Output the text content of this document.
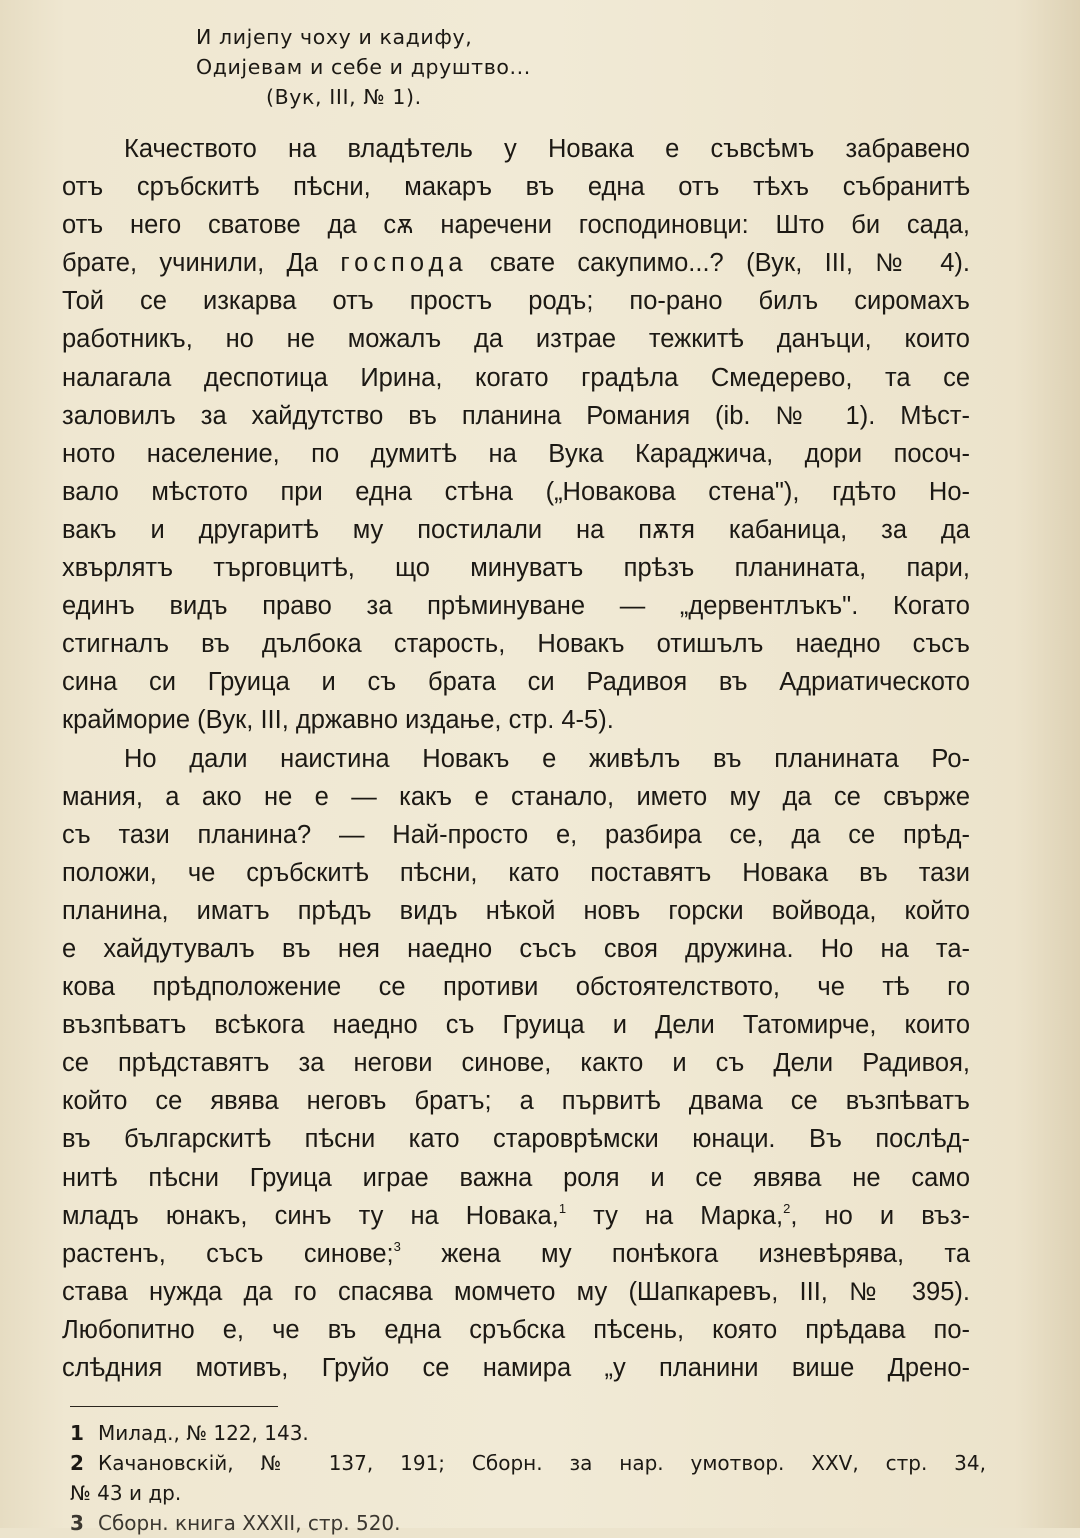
И лијепу чоху и кадифу,
Одијевам и себе и друштво...
(Вук, III, № 1).
Качеството на владѣтель у Новака е съвсѣмъ забравено
отъ сръбскитѣ пѣсни, макаръ въ една отъ тѣхъ събранитѣ
отъ него сватове да сѫ наречени господиновци: Што би сада,
брате, учинили, Да господа свате сакупимо...? (Вук, III, № 4).
Той се изкарва отъ простъ родъ; по-рано билъ сиромахъ
работникъ, но не можалъ да изтрае тежкитѣ данъци, които
налагала деспотица Ирина, когато градѣла Смедерево, та се
заловилъ за хайдутство въ планина Романия (ib. № 1). Мѣст-
ното население, по думитѣ на Вука Караджича, дори посоч-
вало мѣстото при една стѣна („Новакова стена"), гдѣто Но-
вакъ и другаритѣ му постилали на пѫтя кабаница, за да
хвърлятъ търговцитѣ, що минуватъ прѣзъ планината, пари,
единъ видъ право за прѣминуване — „дервентлъкъ". Когато
стигналъ въ дълбока старость, Новакъ отишълъ наедно съсъ
сина си Груица и съ брата си Радивоя въ Адриатическото
крайморие (Вук, III, државно издање, стр. 4-5).
Но дали наистина Новакъ е живѣлъ въ планината Ро-
мания, а ако не е — какъ е станало, името му да се свърже
съ тази планина? — Най-просто е, разбира се, да се прѣд-
положи, че сръбскитѣ пѣсни, като поставятъ Новака въ тази
планина, иматъ прѣдъ видъ нѣкой новъ горски войвода, който
е хайдутувалъ въ нея наедно съсъ своя дружина. Но на та-
кова прѣдположение се противи обстоятелството, че тѣ го
възпѣватъ всѣкога наедно съ Груица и Дели Татомирче, които
се прѣдставятъ за негови синове, както и съ Дели Радивоя,
който се явява неговъ братъ; а първитѣ двама се възпѣватъ
въ българскитѣ пѣсни като староврѣмски юнаци. Въ послѣд-
нитѣ пѣсни Груица играе важна роля и се явява не само
младъ юнакъ, синъ ту на Новака,$^1$ ту на Марка,$^2$, но и въз-
растенъ, съсъ синове;$^3$ жена му понѣкога изневѣрява, та
става нужда да го спасява момчето му (Шапкаревъ, III, № 395).
Любопитно е, че въ една сръбска пѣсень, която прѣдава по-
слѣдния мотивъ, Груйо се намира „у планини више Дрено-
1 Милад., № 122, 143.
2 Качановскій, № 137, 191; Сборн. за нар. умотвор. XXV, стр. 34,
№ 43 и др.
3 Сборн. книга XXXII, стр. 520.
